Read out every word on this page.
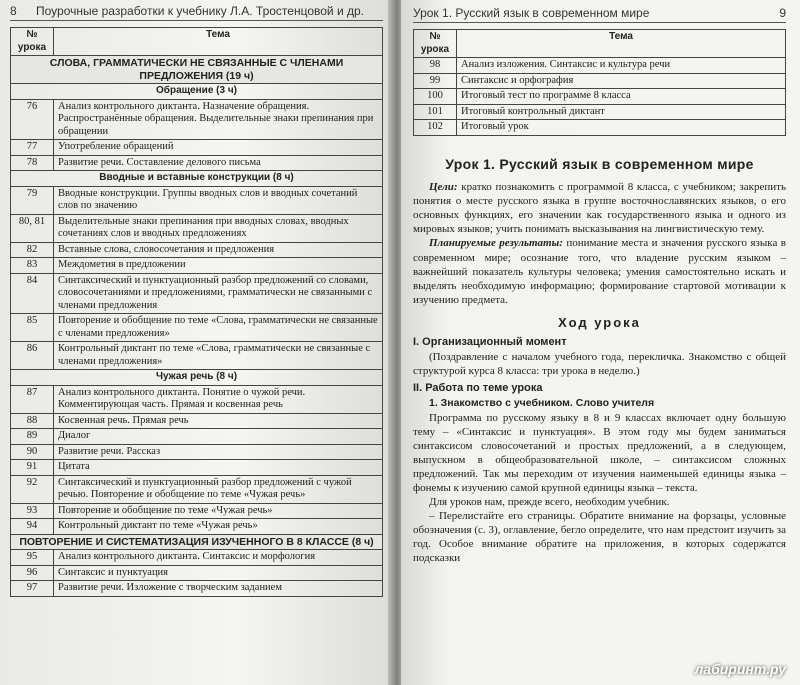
8	Поурочные разработки к учебнику Л.А. Тростенцовой и др.
№ урока	Тема
СЛОВА, ГРАММАТИЧЕСКИ НЕ СВЯЗАННЫЕ С ЧЛЕНАМИ ПРЕДЛОЖЕНИЯ (19 ч)	
Обращение (3 ч)	
76	Анализ контрольного диктанта. Назначение обращения. Распространённые обращения. Выделительные знаки препинания при обращении
77	Употребление обращений
78	Развитие речи. Составление делового письма
Вводные и вставные конструкции (8 ч)	
79	Вводные конструкции. Группы вводных слов и вводных сочетаний слов по значению
80, 81	Выделительные знаки препинания при вводных словах, вводных сочетаниях слов и вводных предложениях
82	Вставные слова, словосочетания и предложения
83	Междометия в предложении
84	Синтаксический и пунктуационный разбор предложений со словами, словосочетаниями и предложениями, грамматически не связанными с членами предложения
85	Повторение и обобщение по теме «Слова, грамматически не связанные с членами предложения»
86	Контрольный диктант по теме «Слова, грамматически не связанные с членами предложения»
Чужая речь (8 ч)	
87	Анализ контрольного диктанта. Понятие о чужой речи. Комментирующая часть. Прямая и косвенная речь
88	Косвенная речь. Прямая речь
89	Диалог
90	Развитие речи. Рассказ
91	Цитата
92	Синтаксический и пунктуационный разбор предложений с чужой речью. Повторение и обобщение по теме «Чужая речь»
93	Повторение и обобщение по теме «Чужая речь»
94	Контрольный диктант по теме «Чужая речь»
ПОВТОРЕНИЕ И СИСТЕМАТИЗАЦИЯ ИЗУЧЕННОГО В 8 КЛАССЕ (8 ч)	
95	Анализ контрольного диктанта. Синтаксис и морфология
96	Синтаксис и пунктуация
97	Развитие речи. Изложение с творческим заданием
Урок 1. Русский язык в современном мире	9
№ урока	Тема
98	Анализ изложения. Синтаксис и культура речи
99	Синтаксис и орфография
100	Итоговый тест по программе 8 класса
101	Итоговый контрольный диктант
102	Итоговый урок
Урок 1. Русский язык в современном мире

Цели: кратко познакомить с программой 8 класса, с учебником; закрепить понятия о месте русского языка в группе восточнославянских языков, о его основных функциях, его значении как государственного языка и одного из мировых языков; учить понимать высказывания на лингвистическую тему.

Планируемые результаты: понимание места и значения русского языка в современном мире; осознание того, что владение русским языком – важнейший показатель культуры человека; умения самостоятельно искать и выделять необходимую информацию; формирование стартовой мотивации к изучению предмета.

Ход урока
I. Организационный момент

(Поздравление с началом учебного года, перекличка. Знакомство с общей структурой курса 8 класса: три урока в неделю.)

II. Работа по теме урока
1. Знакомство с учебником. Слово учителя

Программа по русскому языку в 8 и 9 классах включает одну большую тему – «Синтаксис и пунктуация». В этом году мы будем заниматься синтаксисом словосочетаний и простых предложений, а в следующем, выпускном в общеобразовательной школе, – синтаксисом сложных предложений. Так мы переходим от изучения наименьшей единицы языка – фонемы к изучению самой крупной единицы языка – текста.

Для уроков нам, прежде всего, необходим учебник.

– Перелистайте его страницы. Обратите внимание на форзацы, условные обозначения (с. 3), оглавление, бегло определите, что нам предстоит изучить за год. Особое внимание обратите на приложения, в которых содержатся подсказки

лабиринт.ру
